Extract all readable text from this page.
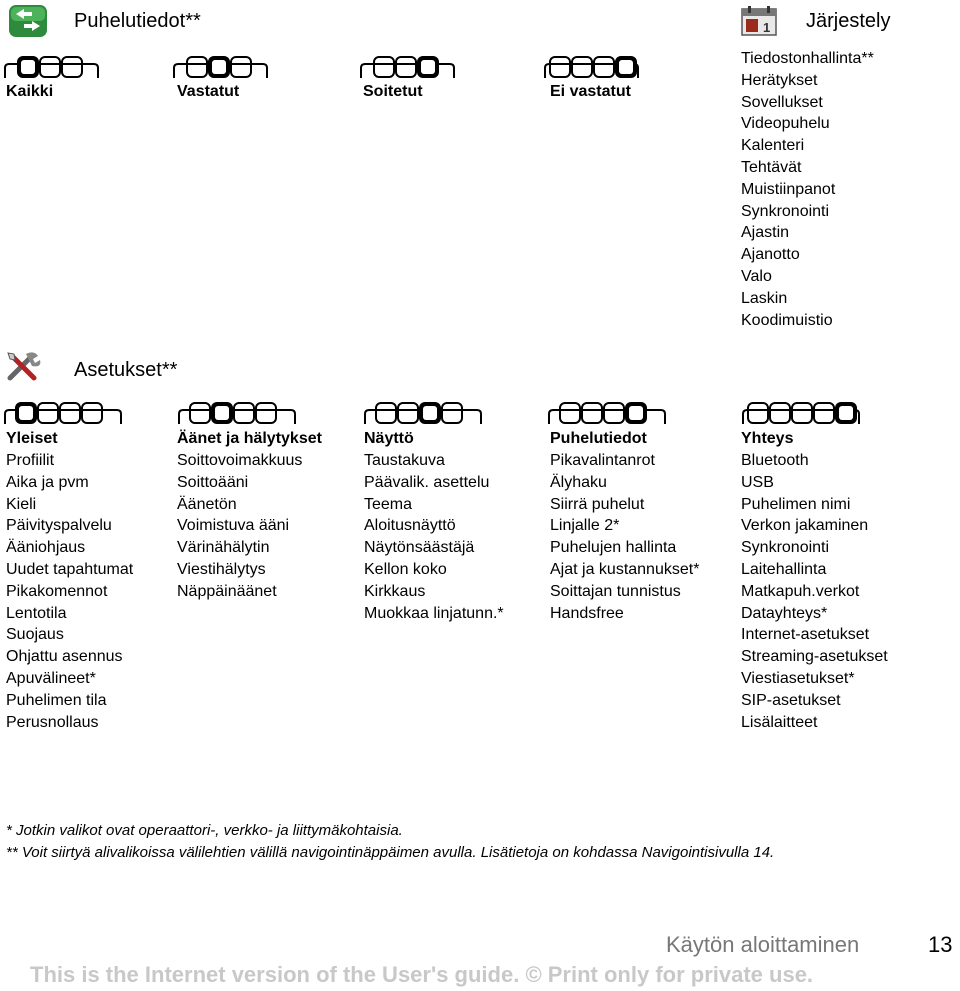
Puhelutiedot**	1 Järjestely
Kaikki	Vastatut	Soitetut	Ei vastatut
Tiedostonhallinta**
Herätykset
Sovellukset
Videopuhelu
Kalenteri
Tehtävät
Muistiinpanot
Synkronointi
Ajastin
Ajanotto
Valo
Laskin
Koodimuistio
Asetukset**
Yleiset
Profiilit
Aika ja pvm
Kieli
Päivityspalvelu
Ääniohjaus
Uudet tapahtumat
Pikakomennot
Lentotila
Suojaus
Ohjattu asennus
Apuvälineet*
Puhelimen tila
Perusnollaus
Äänet ja hälytykset
Soittovoimakkuus
Soittoääni
Äänetön
Voimistuva ääni
Värinähälytin
Viestihälytys
Näppäinäänet
Näyttö
Taustakuva
Päävalik. asettelu
Teema
Aloitusnäyttö
Näytönsäästäjä
Kellon koko
Kirkkaus
Muokkaa linjatunn.*
Puhelutiedot
Pikavalintanrot
Älyhaku
Siirrä puhelut
Linjalle 2*
Puhelujen hallinta
Ajat ja kustannukset*
Soittajan tunnistus
Handsfree
Yhteys
Bluetooth
USB
Puhelimen nimi
Verkon jakaminen
Synkronointi
Laitehallinta
Matkapuh.verkot
Datayhteys*
Internet-asetukset
Streaming-asetukset
Viestiasetukset*
SIP-asetukset
Lisälaitteet
* Jotkin valikot ovat operaattori-, verkko- ja liittymäkohtaisia.
** Voit siirtyä alivalikoissa välilehtien välillä navigointinäppäimen avulla. Lisätietoja on kohdassa Navigointisivulla 14.
Käytön aloittaminen	13
This is the Internet version of the User's guide. © Print only for private use.
